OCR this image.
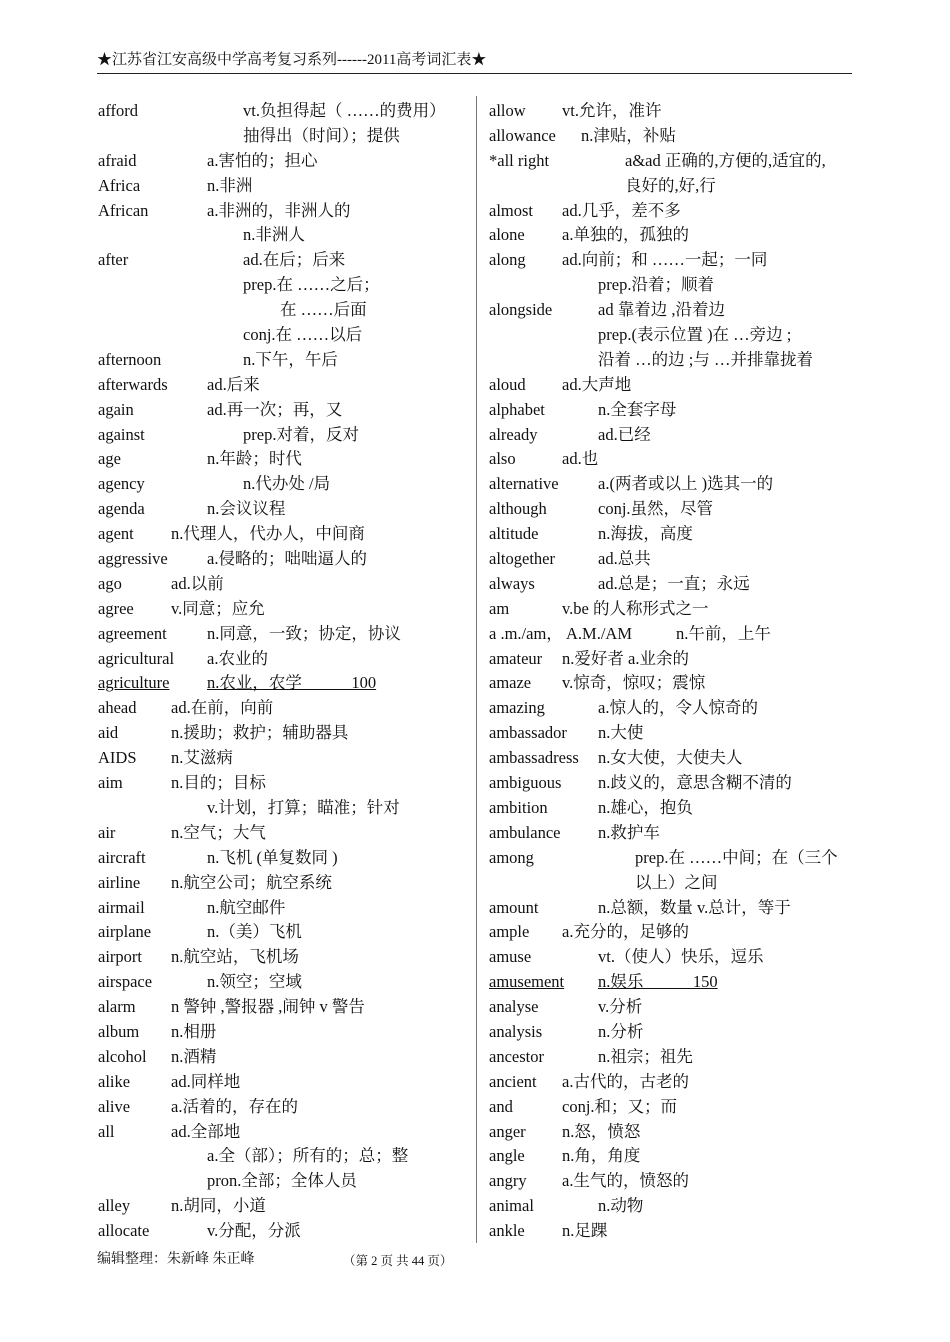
★江苏省江安高级中学高考复习系列------2011高考词汇表★
afford	vt.负担得起（ ……的费用）
抽得出（时间）；提供
afraid	a.害怕的；担心
Africa	n.非洲
African	a.非洲的，非洲人的
n.非洲人
after	ad.在后；后来
prep.在 ……之后；
在 ……后面
conj.在 ……以后
afternoon	n.下午，午后
afterwards ad.后来
again	ad.再一次；再，又
against	prep.对着，反对
age	n.年龄；时代
agency	n.代办处 /局
agenda	n.会议议程
agent n.代理人，代办人，中间商
aggressive a.侵略的；咄咄逼人的
ago	ad.以前
agree v.同意；应允
agreement n.同意，一致；协定，协议
agricultural a.农业的
agriculture n.农业，农学　　　100
ahead ad.在前，向前
aid	n.援助；救护；辅助器具
AIDS n.艾滋病
aim	n.目的；目标
v.计划，打算；瞄准；针对
air	n.空气；大气
aircraft	n.飞机 (单复数同 )
airline n.航空公司；航空系统
airmail	n.航空邮件
airplane	n.（美）飞机
airport n.航空站，飞机场
airspace	n.领空；空域
alarm n 警钟 ,警报器 ,闹钟 v 警告
album n.相册
alcohol n.酒精
alike ad.同样地
alive a.活着的，存在的
all	ad.全部地
a.全（部）；所有的；总；整
pron.全部；全体人员
alley n.胡同，小道
allocate	v.分配，分派
allow vt.允许，准许
allowance n.津贴，补贴
*all right	a&ad 正确的,方便的,适宜的,
良好的,好,行
almost ad.几乎，差不多
alone a.单独的，孤独的
along ad.向前；和 ……一起；一同
prep.沿着；顺着
alongside	ad 靠着边 ,沿着边
prep.(表示位置 )在 …旁边 ;
沿着 …的边 ;与 …并排靠拢着
aloud ad.大声地
alphabet	n.全套字母
already	ad.已经
also	ad.也
alternative a.(两者或以上 )选其一的
although	conj.虽然，尽管
altitude	n.海拔，高度
altogether	ad.总共
always	ad.总是；一直；永远
am	v.be 的人称形式之一
a .m./am， A.M./AM	n.午前，上午
amateur n.爱好者 a.业余的
amaze v.惊奇，惊叹；震惊
amazing	a.惊人的，令人惊奇的
ambassador n.大使
ambassadress n.女大使，大使夫人
ambiguous n.歧义的，意思含糊不清的
ambition	n.雄心，抱负
ambulance n.救护车
among	prep.在 ……中间；在（三个
以上）之间
amount	n.总额，数量 v.总计，等于
ample a.充分的，足够的
amuse	vt.（使人）快乐，逗乐
amusement n.娱乐　　　150
analyse	v.分析
analysis	n.分析
ancestor	n.祖宗；祖先
ancient a.古代的，古老的
and	conj.和；又；而
anger n.怒，愤怒
angle n.角，角度
angry a.生气的，愤怒的
animal	n.动物
ankle n.足踝
编辑整理：朱新峰 朱正峰	（第 2 页 共 44 页）
